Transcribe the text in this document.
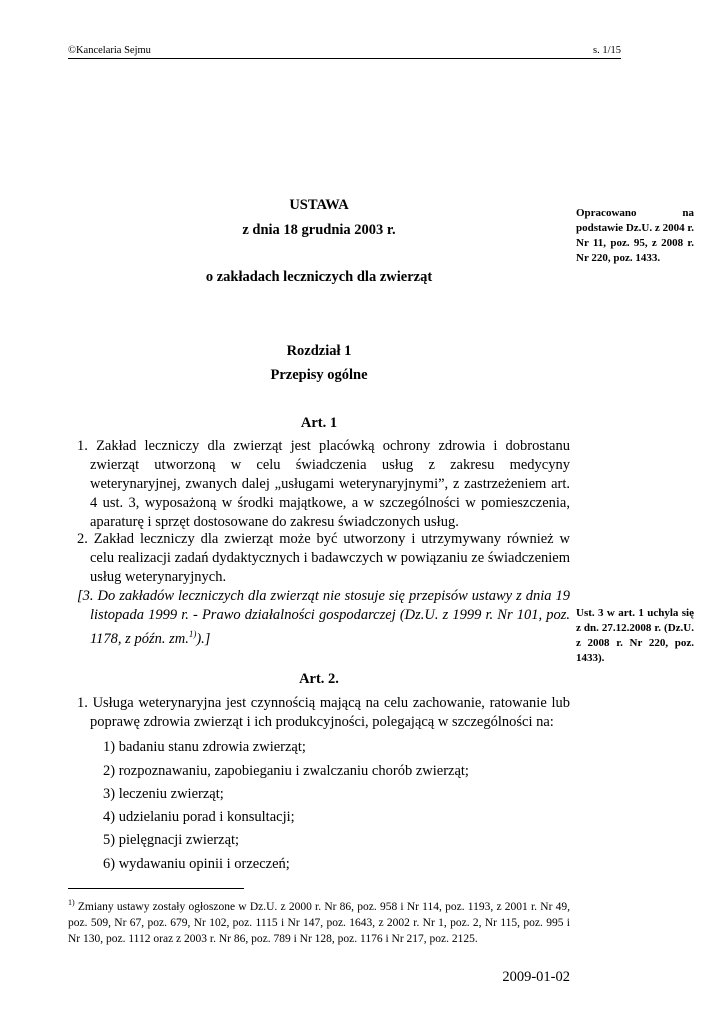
©Kancelaria Sejmu	s. 1/15
USTAWA
z dnia 18 grudnia 2003 r.
o zakładach leczniczych dla zwierząt
Opracowano na podstawie Dz.U. z 2004 r. Nr 11, poz. 95, z 2008 r. Nr 220, poz. 1433.
Ust. 3 w art. 1 uchyla się z dn. 27.12.2008 r. (Dz.U. z 2008 r. Nr 220, poz. 1433).
Rozdział 1
Przepisy ogólne
Art. 1
1. Zakład leczniczy dla zwierząt jest placówką ochrony zdrowia i dobrostanu zwierząt utworzoną w celu świadczenia usług z zakresu medycyny weterynaryjnej, zwanych dalej „usługami weterynaryjnymi”, z zastrzeżeniem art. 4 ust. 3, wyposażoną w środki majątkowe, a w szczególności w pomieszczenia, aparaturę i sprzęt dostosowane do zakresu świadczonych usług.
2. Zakład leczniczy dla zwierząt może być utworzony i utrzymywany również w celu realizacji zadań dydaktycznych i badawczych w powiązaniu ze świadczeniem usług weterynaryjnych.
[3. Do zakładów leczniczych dla zwierząt nie stosuje się przepisów ustawy z dnia 19 listopada 1999 r. - Prawo działalności gospodarczej (Dz.U. z 1999 r. Nr 101, poz. 1178, z późn. zm.$^{1)}$).]
Art. 2.
1. Usługa weterynaryjna jest czynnością mającą na celu zachowanie, ratowanie lub poprawę zdrowia zwierząt i ich produkcyjności, polegającą w szczególności na:
1) badaniu stanu zdrowia zwierząt;
2) rozpoznawaniu, zapobieganiu i zwalczaniu chorób zwierząt;
3) leczeniu zwierząt;
4) udzielaniu porad i konsultacji;
5) pielęgnacji zwierząt;
6) wydawaniu opinii i orzeczeń;
$^{1)}$ Zmiany ustawy zostały ogłoszone w Dz.U. z 2000 r. Nr 86, poz. 958 i Nr 114, poz. 1193, z 2001 r. Nr 49, poz. 509, Nr 67, poz. 679, Nr 102, poz. 1115 i Nr 147, poz. 1643, z 2002 r. Nr 1, poz. 2, Nr 115, poz. 995 i Nr 130, poz. 1112 oraz z 2003 r. Nr 86, poz. 789 i Nr 128, poz. 1176 i Nr 217, poz. 2125.
2009-01-02
